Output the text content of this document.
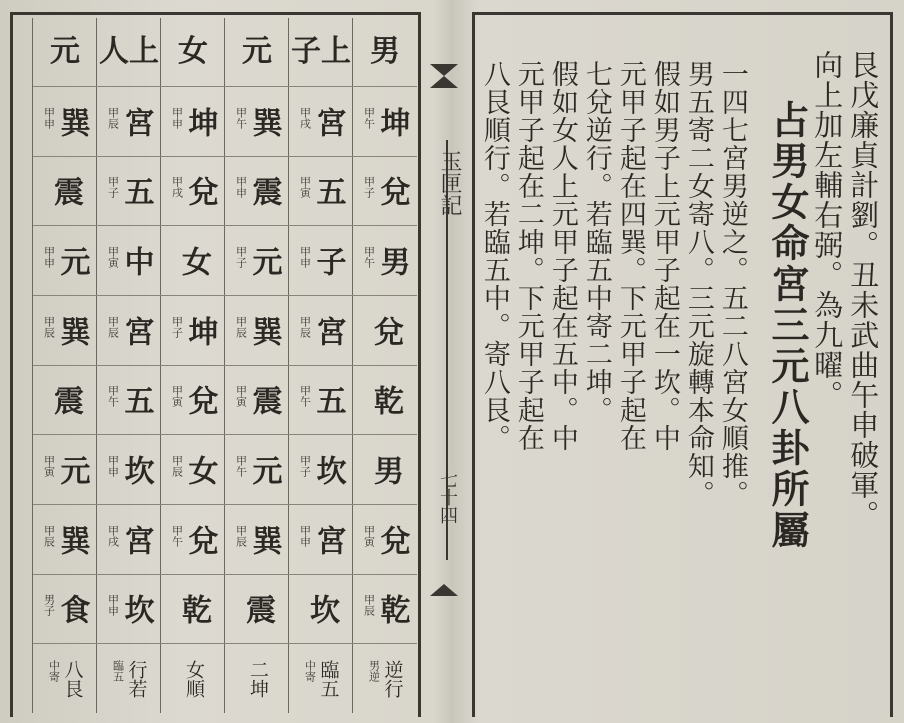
玉匣記
七十四	艮戊廉貞計劉。丑未武曲午申破軍。
向上加左輔右弼。為九曜。
一四七宮男逆之。五二八宮女順推。
男五寄二女寄八。三元旋轉本命知。
假如男子上元甲子起在一坎。中
元甲子起在四巽。下元甲子起在
七兌逆行。若臨五中寄二坤。
假如女人上元甲子起在五中。中
元甲子起在二坤。下元甲子起在
八艮順行。若臨五中。寄八艮。	占男女命宮三元八卦所屬
男
坤
甲午
兌
甲子
男
甲午
兌
乾
男
兌
甲寅
乾
甲辰
逆行
男逆
子上
宮
甲戌
五
甲寅
子
甲申
宮
甲辰
五
甲午
坎
甲子
宮
甲申
坎
臨五
中寄
元
巽
甲午
震
甲申
元
甲子
巽
甲辰
震
甲寅
元
甲午
巽
甲辰
震
二坤
女
坤
甲申
兌
甲戌
女
坤
甲子
兌
甲寅
女
甲辰
兌
甲午
乾
女順
人上
宮
甲辰
五
甲子
中
甲寅
宮
甲辰
五
甲午
坎
甲申
宮
甲戌
坎
甲申
行若
臨五
元
巽
甲申
震
元
甲申
巽
甲辰
震
元
甲寅
巽
甲辰
食
男子
八艮
中寄
